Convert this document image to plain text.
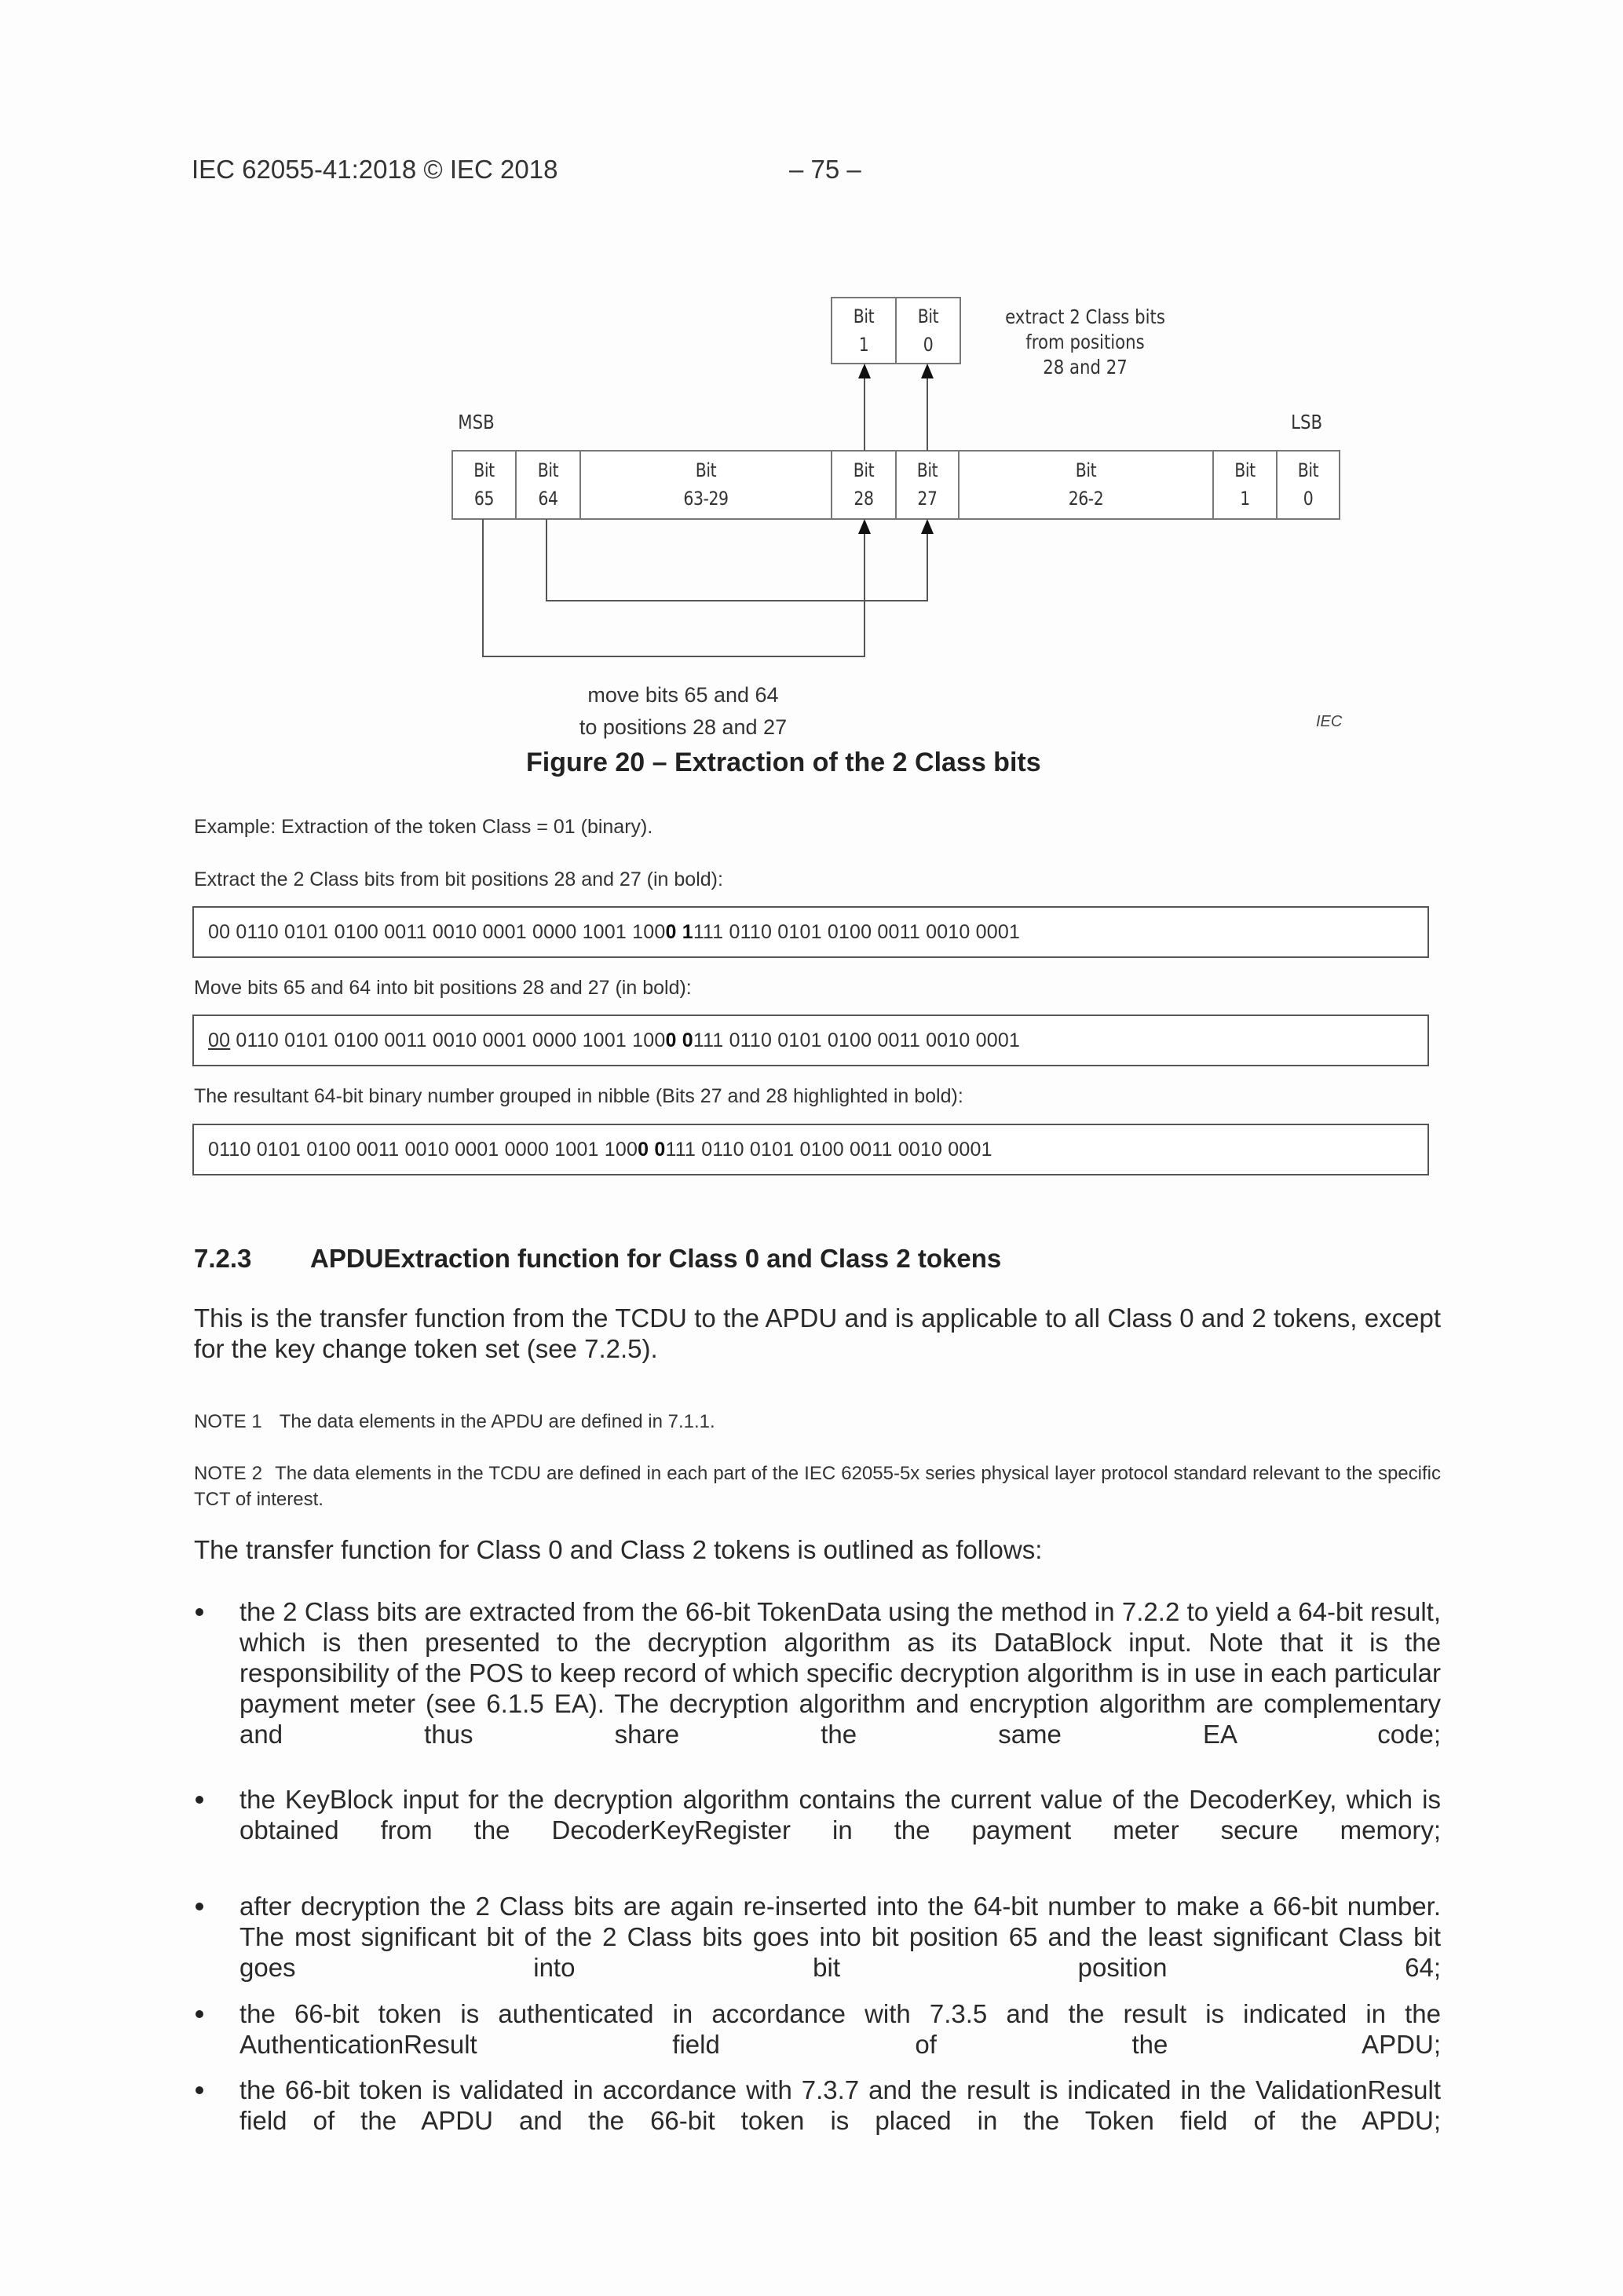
IEC 62055-41:2018 © IEC 2018	– 75 –
Bit
1
Bit
0
extract 2 Class bits
from positions
28 and 27
MSB	LSB
Bit
65
Bit
64
Bit
63-29
Bit
28
Bit
27
Bit
26-2
Bit
1
Bit
0
move bits 65 and 64
to positions 28 and 27	IEC
Figure 20 – Extraction of the 2 Class bits
Example: Extraction of the token Class = 01 (binary).
Extract the 2 Class bits from bit positions 28 and 27 (in bold):
00 0110 0101 0100 0011 0010 0001 0000 1001 1000 1111 0110 0101 0100 0011 0010 0001
Move bits 65 and 64 into bit positions 28 and 27 (in bold):
00 0110 0101 0100 0011 0010 0001 0000 1001 1000 0111 0110 0101 0100 0011 0010 0001
The resultant 64-bit binary number grouped in nibble (Bits 27 and 28 highlighted in bold):
0110 0101 0100 0011 0010 0001 0000 1001 1000 0111 0110 0101 0100 0011 0010 0001
7.2.3 APDUExtraction function for Class 0 and Class 2 tokens
This is the transfer function from the TCDU to the APDU and is applicable to all Class 0 and 2 tokens, except for the key change token set (see 7.2.5).
NOTE 1 The data elements in the APDU are defined in 7.1.1.
NOTE 2 The data elements in the TCDU are defined in each part of the IEC 62055-5x series physical layer protocol standard relevant to the specific TCT of interest.
The transfer function for Class 0 and Class 2 tokens is outlined as follows:
the 2 Class bits are extracted from the 66-bit TokenData using the method in 7.2.2 to yield a 64-bit result, which is then presented to the decryption algorithm as its DataBlock input. Note that it is the responsibility of the POS to keep record of which specific decryption algorithm is in use in each particular payment meter (see 6.1.5 EA). The decryption algorithm and encryption algorithm are complementary and thus share the same EA code;
the KeyBlock input for the decryption algorithm contains the current value of the DecoderKey, which is obtained from the DecoderKeyRegister in the payment meter secure memory;
after decryption the 2 Class bits are again re-inserted into the 64-bit number to make a 66-bit number. The most significant bit of the 2 Class bits goes into bit position 65 and the least significant Class bit goes into bit position 64;
the 66-bit token is authenticated in accordance with 7.3.5 and the result is indicated in the AuthenticationResult field of the APDU;
the 66-bit token is validated in accordance with 7.3.7 and the result is indicated in the ValidationResult field of the APDU and the 66-bit token is placed in the Token field of the APDU;
